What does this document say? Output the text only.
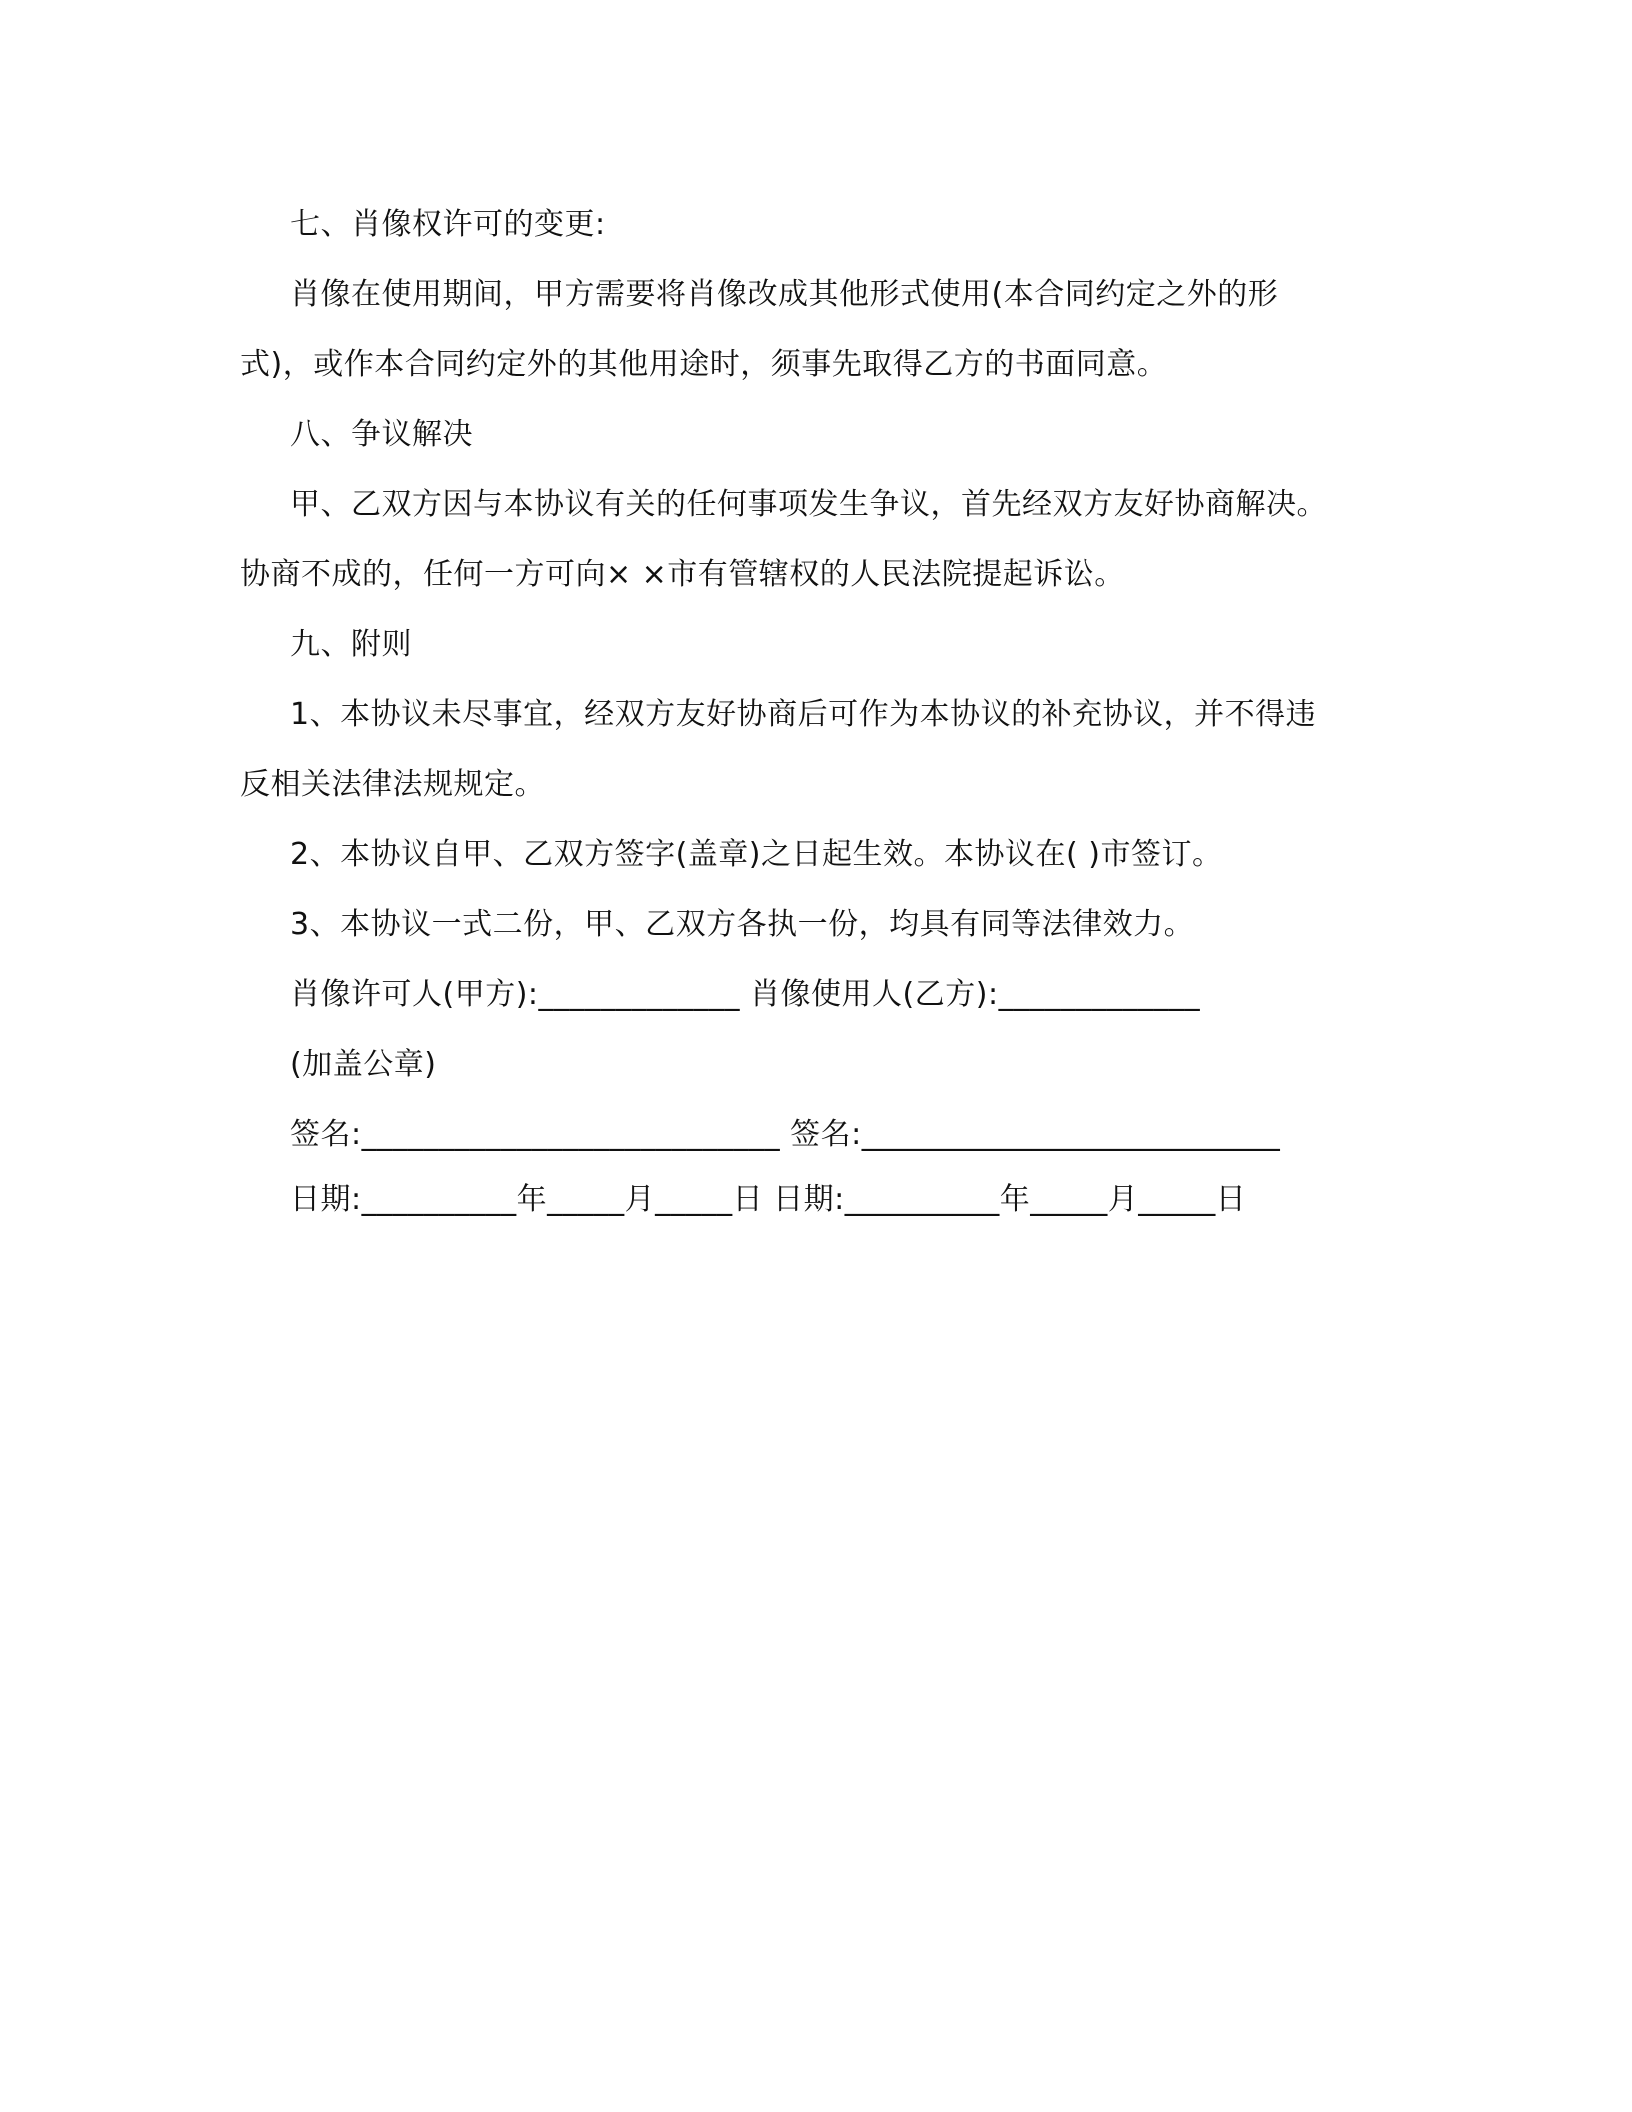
七、肖像权许可的变更:

肖像在使用期间，甲方需要将肖像改成其他形式使用(本合同约定之外的形

式)，或作本合同约定外的其他用途时，须事先取得乙方的书面同意。

八、争议解决

甲、乙双方因与本协议有关的任何事项发生争议，首先经双方友好协商解决。

协商不成的，任何一方可向× ×市有管辖权的人民法院提起诉讼。

九、附则

1、本协议未尽事宜，经双方友好协商后可作为本协议的补充协议，并不得违

反相关法律法规规定。

2、本协议自甲、乙双方签字(盖章)之日起生效。本协议在( )市签订。

3、本协议一式二份，甲、乙双方各执一份，均具有同等法律效力。

肖像许可人(甲方):_____________ 肖像使用人(乙方):_____________

(加盖公章)

签名:___________________________ 签名:___________________________

日期:__________年_____月_____日 日期:__________年_____月_____日
